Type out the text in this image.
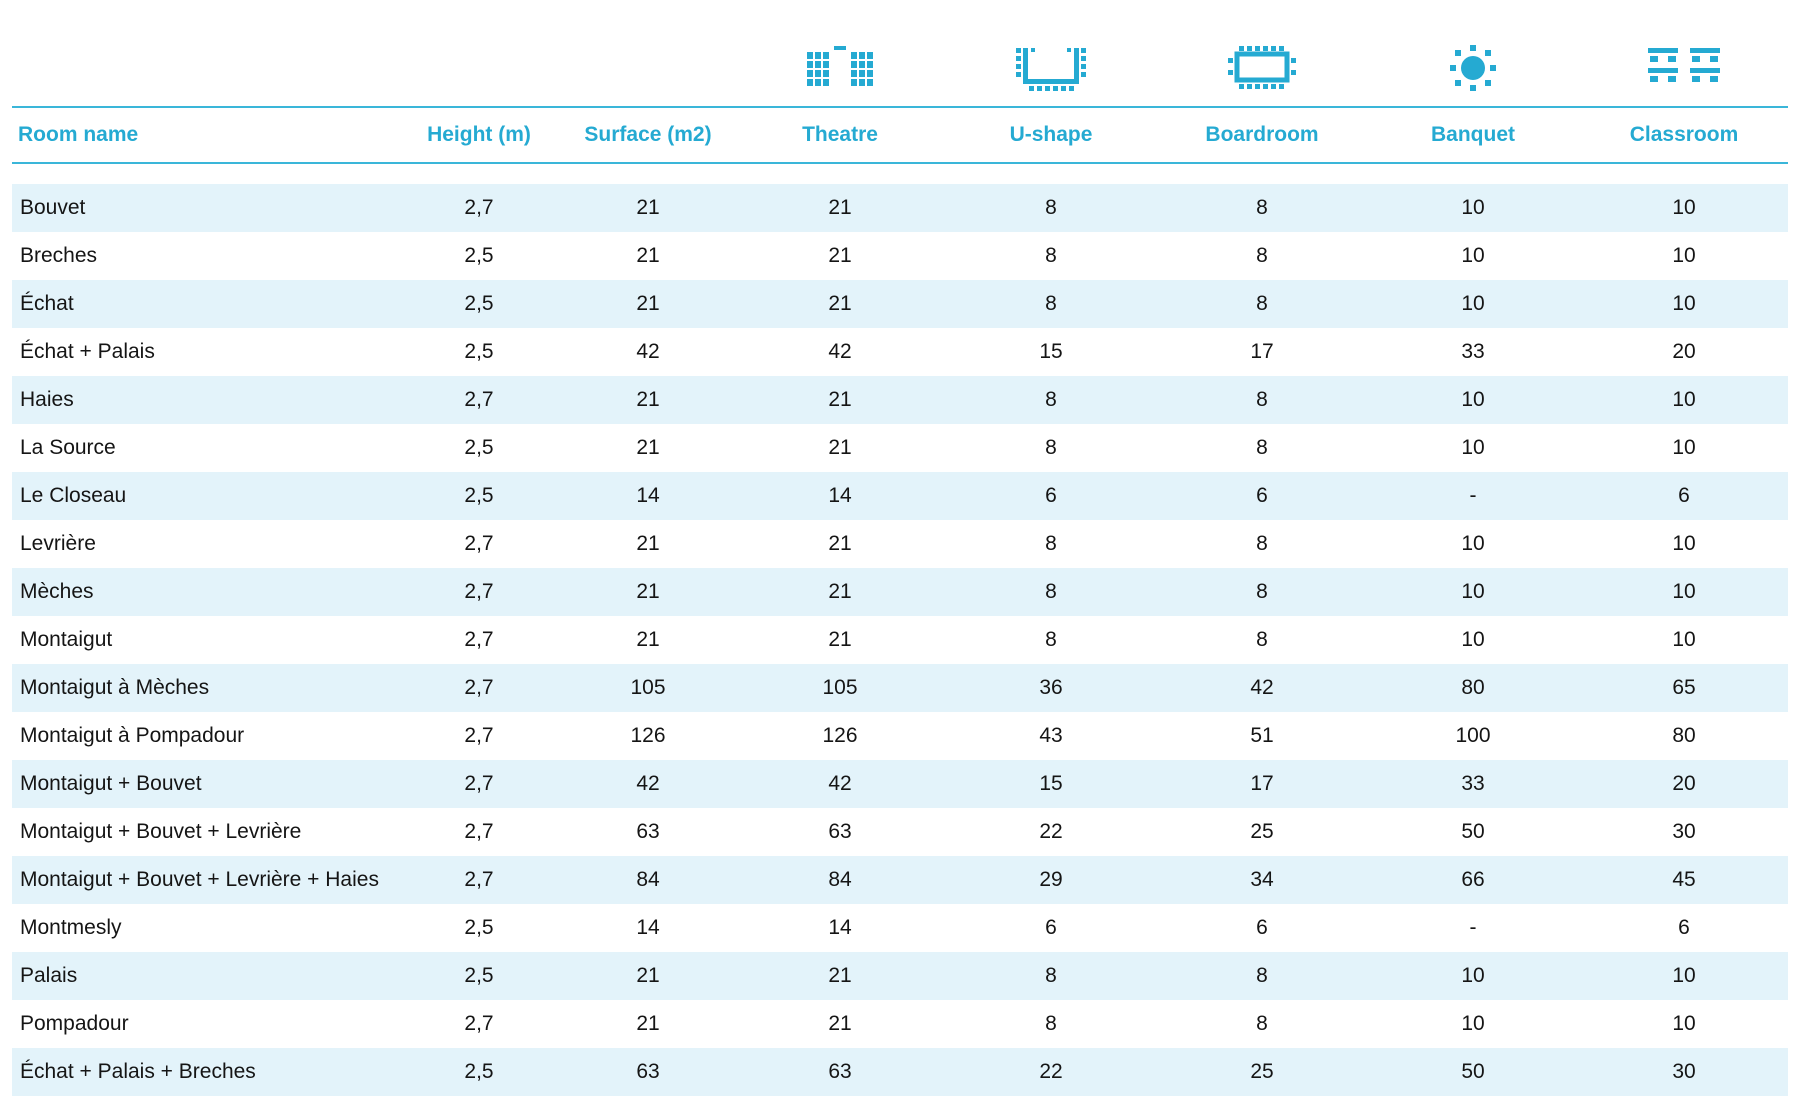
Room name	Height (m)	Surface (m2)	Theatre	U-shape	Boardroom	Banquet	Classroom
Bouvet	2,7	21	21	8	8	10	10
Breches	2,5	21	21	8	8	10	10
Échat	2,5	21	21	8	8	10	10
Échat + Palais	2,5	42	42	15	17	33	20
Haies	2,7	21	21	8	8	10	10
La Source	2,5	21	21	8	8	10	10
Le Closeau	2,5	14	14	6	6	-	6
Levrière	2,7	21	21	8	8	10	10
Mèches	2,7	21	21	8	8	10	10
Montaigut	2,7	21	21	8	8	10	10
Montaigut à Mèches	2,7	105	105	36	42	80	65
Montaigut à Pompadour	2,7	126	126	43	51	100	80
Montaigut + Bouvet	2,7	42	42	15	17	33	20
Montaigut + Bouvet + Levrière	2,7	63	63	22	25	50	30
Montaigut + Bouvet + Levrière + Haies	2,7	84	84	29	34	66	45
Montmesly	2,5	14	14	6	6	-	6
Palais	2,5	21	21	8	8	10	10
Pompadour	2,7	21	21	8	8	10	10
Échat + Palais + Breches	2,5	63	63	22	25	50	30
